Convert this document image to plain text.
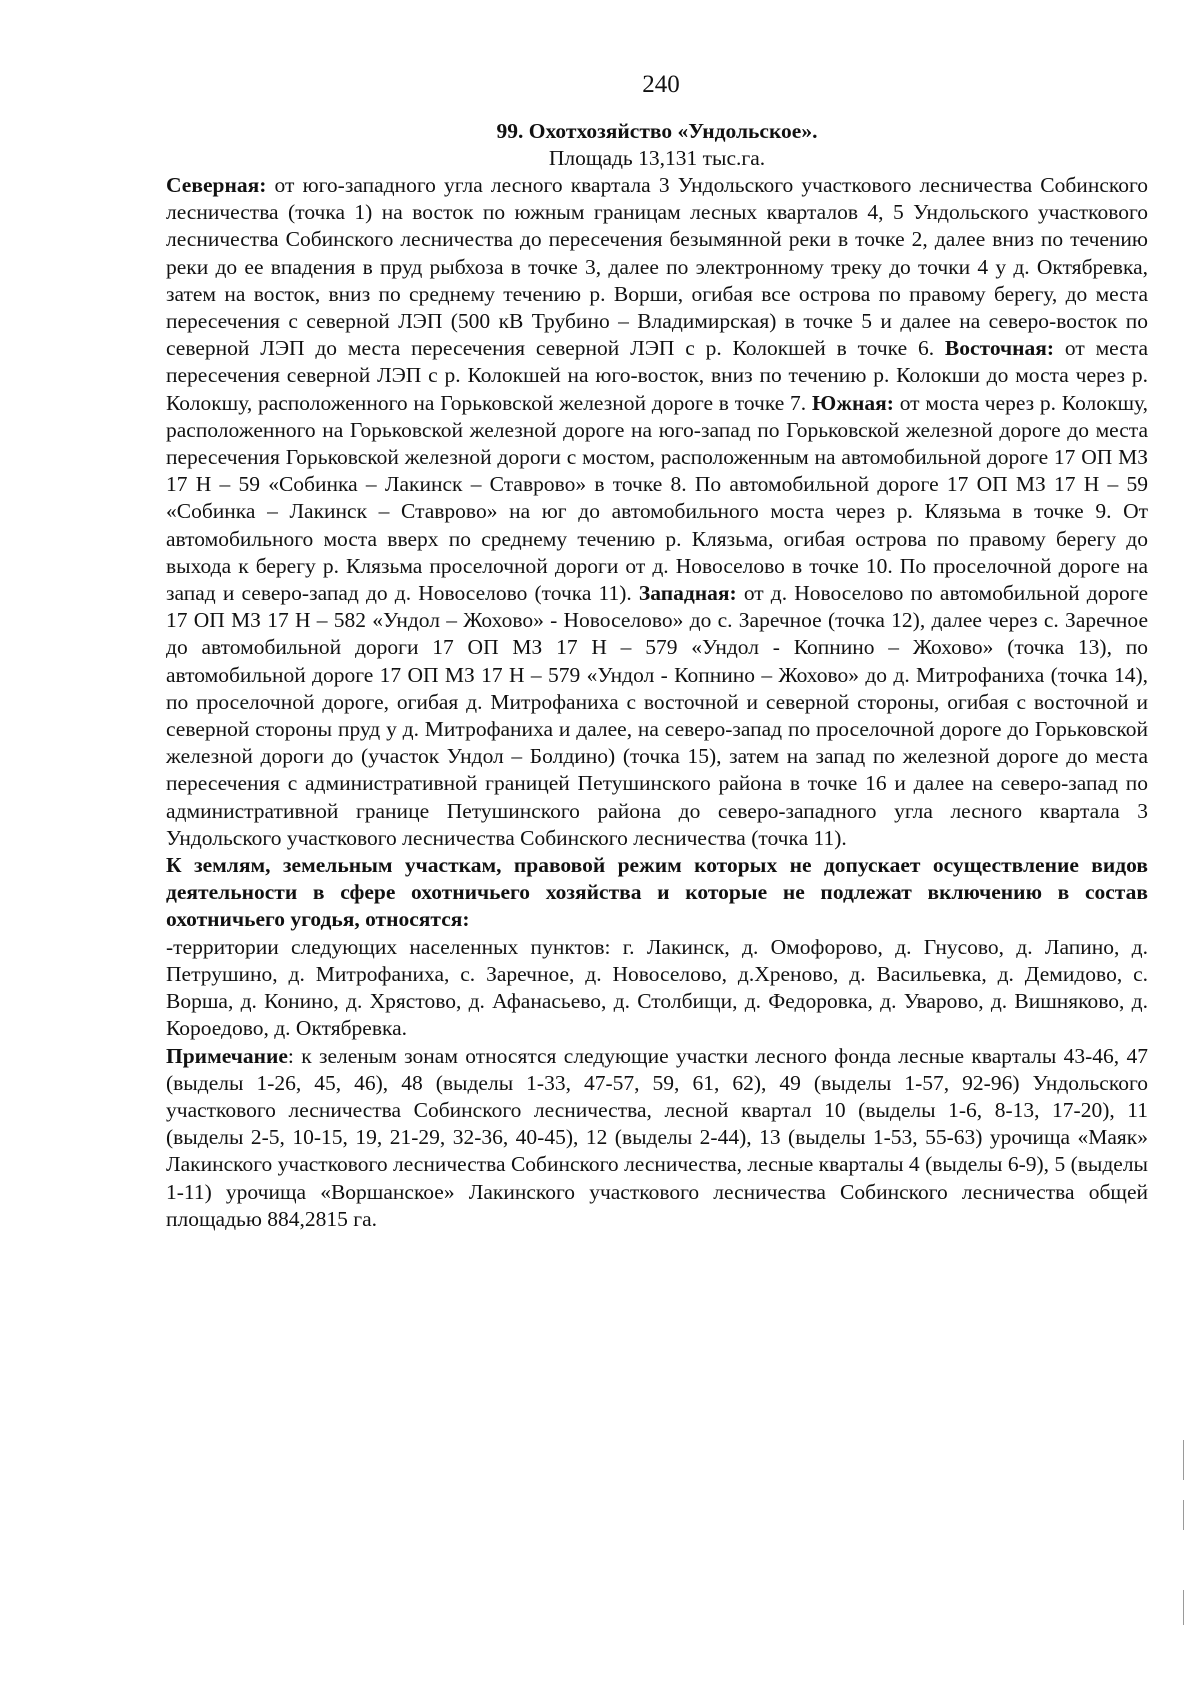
240
99. Охотхозяйство «Ундольское».
Площадь 13,131 тыс.га.

Северная: от юго-западного угла лесного квартала 3 Ундольского участкового лесничества Собинского лесничества (точка 1) на восток по южным границам лесных кварталов 4, 5 Ундольского участкового лесничества Собинского лесничества до пересечения безымянной реки в точке 2, далее вниз по течению реки до ее впадения в пруд рыбхоза в точке 3, далее по электронному треку до точки 4 у д. Октябревка, затем на восток, вниз по среднему течению р. Ворши, огибая все острова по правому берегу, до места пересечения с северной ЛЭП (500 кВ Трубино – Владимирская) в точке 5 и далее на северо-восток по северной ЛЭП до места пересечения северной ЛЭП с р. Колокшей в точке 6. Восточная: от места пересечения северной ЛЭП с р. Колокшей на юго-восток, вниз по течению р. Колокши до моста через р. Колокшу, расположенного на Горьковской железной дороге в точке 7. Южная: от моста через р. Колокшу, расположенного на Горьковской железной дороге на юго-запад по Горьковской железной дороге до места пересечения Горьковской железной дороги с мостом, расположенным на автомобильной дороге 17 ОП МЗ 17 Н – 59 «Собинка – Лакинск – Ставрово» в точке 8. По автомобильной дороге 17 ОП МЗ 17 Н – 59 «Собинка – Лакинск – Ставрово» на юг до автомобильного моста через р. Клязьма в точке 9. От автомобильного моста вверх по среднему течению р. Клязьма, огибая острова по правому берегу до выхода к берегу р. Клязьма проселочной дороги от д. Новоселово в точке 10. По проселочной дороге на запад и северо-запад до д. Новоселово (точка 11). Западная: от д. Новоселово по автомобильной дороге 17 ОП МЗ 17 Н – 582 «Ундол – Жохово» - Новоселово» до с. Заречное (точка 12), далее через с. Заречное до автомобильной дороги 17 ОП МЗ 17 Н – 579 «Ундол - Копнино – Жохово» (точка 13), по автомобильной дороге 17 ОП МЗ 17 Н – 579 «Ундол - Копнино – Жохово» до д. Митрофаниха (точка 14), по проселочной дороге, огибая д. Митрофаниха с восточной и северной стороны, огибая с восточной и северной стороны пруд у д. Митрофаниха и далее, на северо-запад по проселочной дороге до Горьковской железной дороги до (участок Ундол – Болдино) (точка 15), затем на запад по железной дороге до места пересечения с административной границей Петушинского района в точке 16 и далее на северо-запад по административной границе Петушинского района до северо-западного угла лесного квартала 3 Ундольского участкового лесничества Собинского лесничества (точка 11).

К землям, земельным участкам, правовой режим которых не допускает осуществление видов деятельности в сфере охотничьего хозяйства и которые не подлежат включению в состав охотничьего угодья, относятся:

-территории следующих населенных пунктов: г. Лакинск, д. Омофорово, д. Гнусово, д. Лапино, д. Петрушино, д. Митрофаниха, с. Заречное, д. Новоселово, д.Хреново, д. Васильевка, д. Демидово, с. Ворша, д. Конино, д. Хрястово, д. Афанасьево, д. Столбищи, д. Федоровка, д. Уварово, д. Вишняково, д. Короедово, д. Октябревка.

Примечание: к зеленым зонам относятся следующие участки лесного фонда лесные кварталы 43-46, 47 (выделы 1-26, 45, 46), 48 (выделы 1-33, 47-57, 59, 61, 62), 49 (выделы 1-57, 92-96) Ундольского участкового лесничества Собинского лесничества, лесной квартал 10 (выделы 1-6, 8-13, 17-20), 11 (выделы 2-5, 10-15, 19, 21-29, 32-36, 40-45), 12 (выделы 2-44), 13 (выделы 1-53, 55-63) урочища «Маяк» Лакинского участкового лесничества Собинского лесничества, лесные кварталы 4 (выделы 6-9), 5 (выделы 1-11) урочища «Воршанское» Лакинского участкового лесничества Собинского лесничества общей площадью 884,2815 га.
